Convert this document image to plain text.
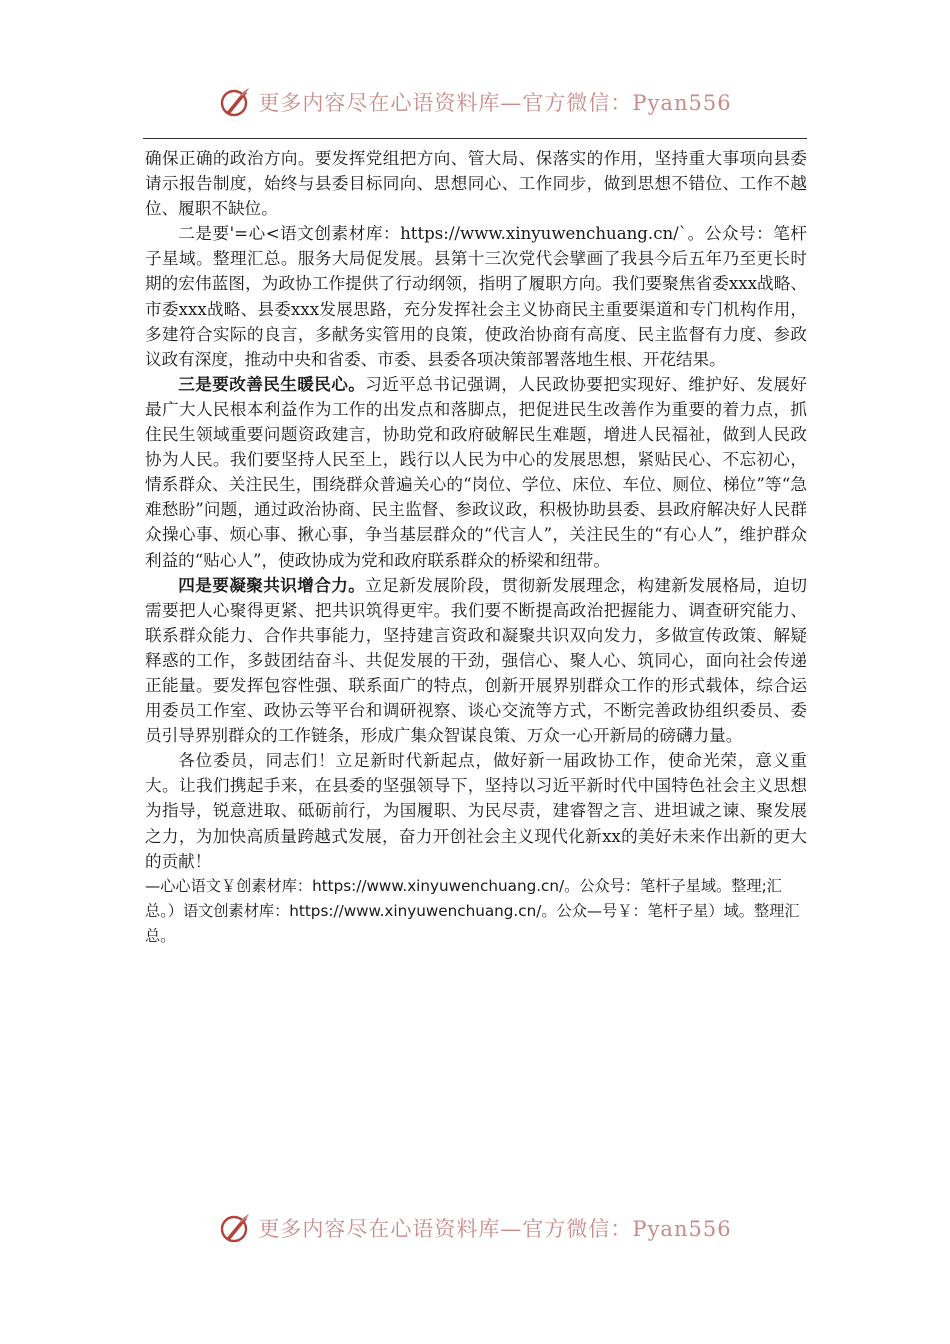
更多内容尽在心语资料库—官方微信：Pyan556

确保正确的政治方向。要发挥党组把方向、管大局、保落实的作用，坚持重大事项向县委请示报告制度，始终与县委目标同向、思想同心、工作同步，做到思想不错位、工作不越位、履职不缺位。

二是要'=心<语文创素材库：https://www.xinyuwenchuang.cn/`。公众号：笔杆子星域。整理汇总。服务大局促发展。县第十三次党代会擘画了我县今后五年乃至更长时期的宏伟蓝图，为政协工作提供了行动纲领，指明了履职方向。我们要聚焦省委xxx战略、市委xxx战略、县委xxx发展思路，充分发挥社会主义协商民主重要渠道和专门机构作用，多建符合实际的良言，多献务实管用的良策，使政治协商有高度、民主监督有力度、参政议政有深度，推动中央和省委、市委、县委各项决策部署落地生根、开花结果。

三是要改善民生暖民心。习近平总书记强调，人民政协要把实现好、维护好、发展好最广大人民根本利益作为工作的出发点和落脚点，把促进民生改善作为重要的着力点，抓住民生领域重要问题资政建言，协助党和政府破解民生难题，增进人民福祉，做到人民政协为人民。我们要坚持人民至上，践行以人民为中心的发展思想，紧贴民心、不忘初心，情系群众、关注民生，围绕群众普遍关心的“岗位、学位、床位、车位、厕位、梯位”等“急难愁盼”问题，通过政治协商、民主监督、参政议政，积极协助县委、县政府解决好人民群众操心事、烦心事、揪心事，争当基层群众的“代言人”，关注民生的“有心人”，维护群众利益的“贴心人”，使政协成为党和政府联系群众的桥梁和纽带。

四是要凝聚共识增合力。立足新发展阶段，贯彻新发展理念，构建新发展格局，迫切需要把人心聚得更紧、把共识筑得更牢。我们要不断提高政治把握能力、调查研究能力、联系群众能力、合作共事能力，坚持建言资政和凝聚共识双向发力，多做宣传政策、解疑释惑的工作，多鼓团结奋斗、共促发展的干劲，强信心、聚人心、筑同心，面向社会传递正能量。要发挥包容性强、联系面广的特点，创新开展界别群众工作的形式载体，综合运用委员工作室、政协云等平台和调研视察、谈心交流等方式，不断完善政协组织委员、委员引导界别群众的工作链条，形成广集众智谋良策、万众一心开新局的磅礴力量。

各位委员，同志们！立足新时代新起点，做好新一届政协工作，使命光荣，意义重大。让我们携起手来，在县委的坚强领导下，坚持以习近平新时代中国特色社会主义思想为指导，锐意进取、砥砺前行，为国履职、为民尽责，建睿智之言、进坦诚之谏、聚发展之力，为加快高质量跨越式发展，奋力开创社会主义现代化新xx的美好未来作出新的更大的贡献！

—心心语文￥创素材库：https://www.xinyuwenchuang.cn/。公众号：笔杆子星域。整理;汇总。）语文创素材库：https://www.xinyuwenchuang.cn/。公众—号￥：笔杆子星）域。整理汇总。

更多内容尽在心语资料库—官方微信：Pyan556
